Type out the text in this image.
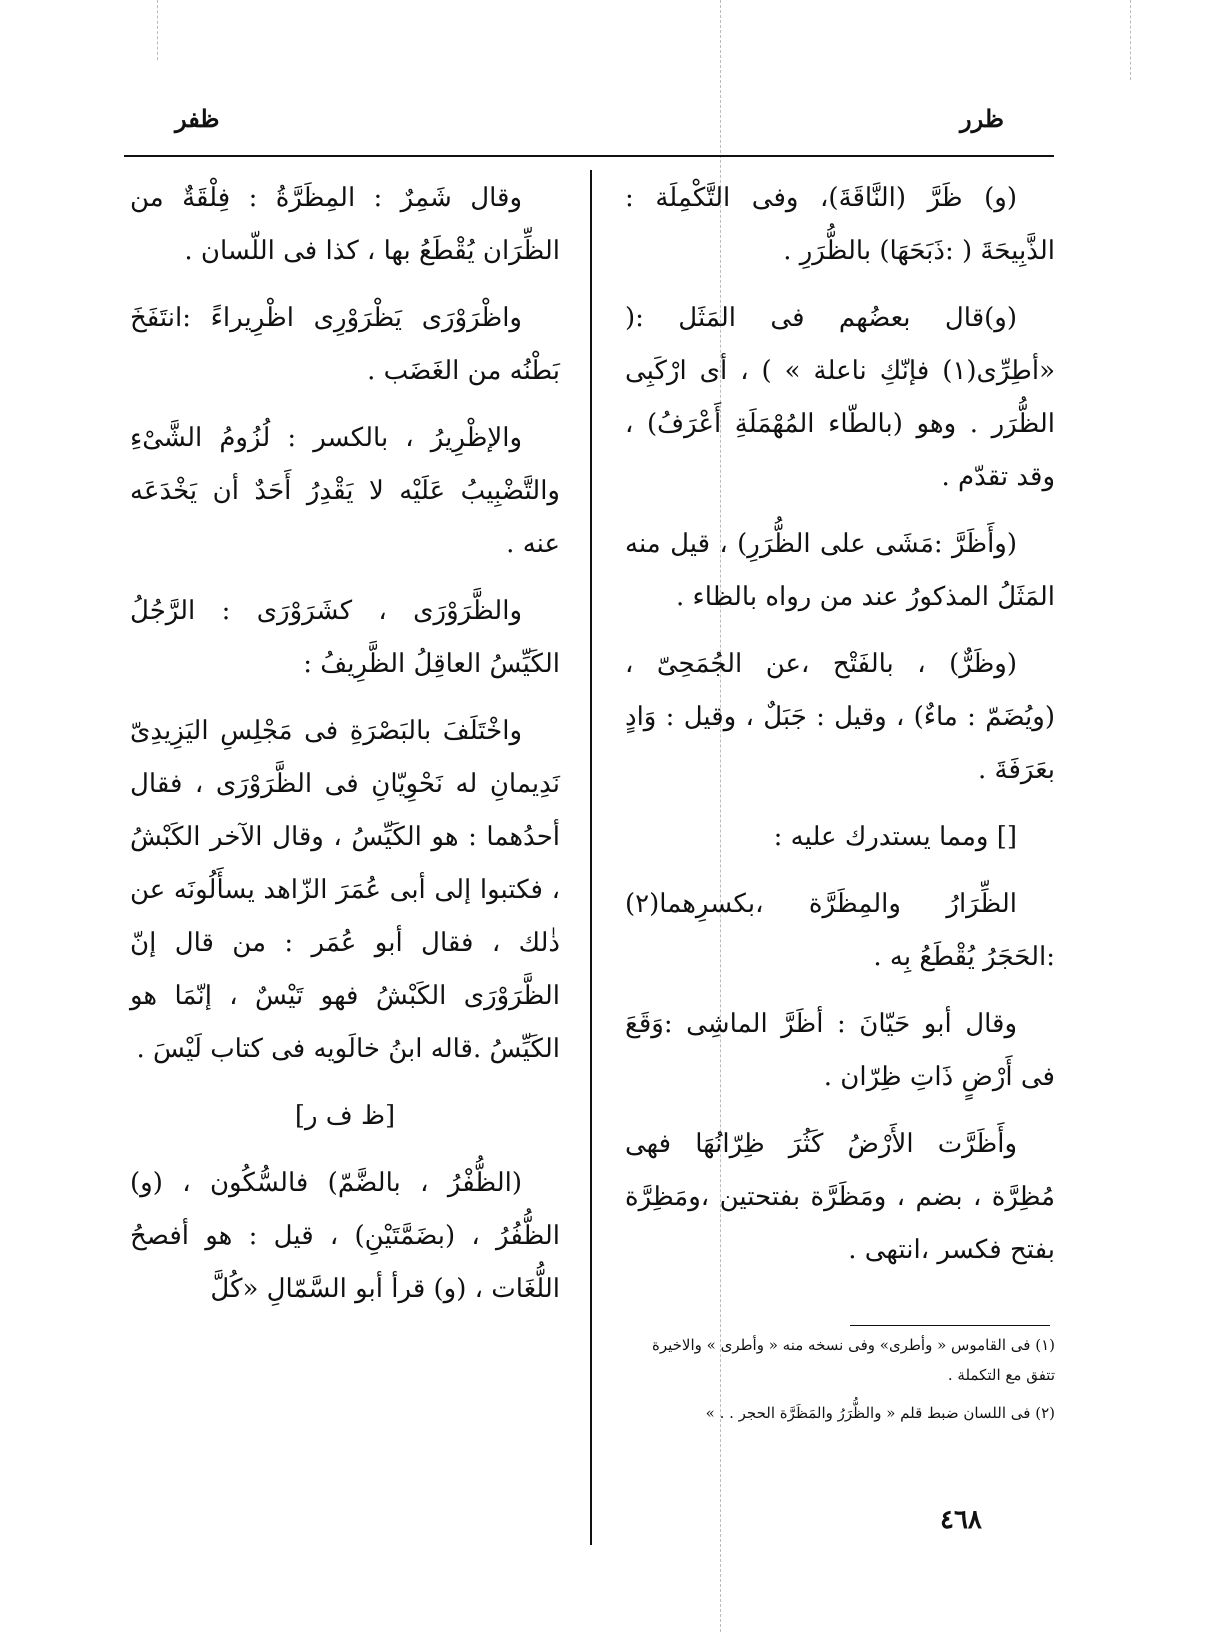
ظرر
ظفر

(و) ظَرَّ (النَّاقَةَ)، وفى التَّكْمِلَة : الذَّبِيحَةَ ( :ذَبَحَهَا) بالظُّرَرِ .

(و)قال بعضُهم فى المَثَل :( «أطِرِّى(١) فإنّكِ ناعلة » ) ، أى ارْكَبِى الظُّرَر . وهو (بالطّاء المُهْمَلَةِ أَعْرَفُ) ، وقد تقدّم .

(وأَظَرَّ :مَشَى على الظُّرَرِ) ، قيل منه المَثَلُ المذكورُ عند من رواه بالظاء .

(وظَرٌّ) ، بالفَتْح ،عن الجُمَحِىّ ، (ويُضَمّ : ماءٌ) ، وقيل : جَبَلٌ ، وقيل : وَادٍ بعَرَفَةَ .

[] ومما يستدرك عليه :

الظِّرَارُ والمِظَرَّة ،بكسرِهما(٢) :الحَجَرُ يُقْطَعُ بِه .

وقال أبو حَيّانَ : أظَرَّ الماشِى :وَقَعَ فى أَرْضٍ ذَاتِ ظِرّان .

وأَظَرَّت الأَرْضُ كَثُرَ ظِرّانُهَا فهى مُظِرَّة ، بضم ، ومَظَرَّة بفتحتين ،ومَظِرَّة بفتح فكسر ،انتهى .

وقال شَمِرٌ : المِظَرَّةُ : فِلْقَةٌ من الظِّرَان يُقْطَعُ بها ، كذا فى اللّسان .

واظْرَوْرَى يَظْرَوْرِى اظْرِيراءً :انتَفَخَ بَطْنُه من الغَضَب .

والإظْرِيرُ ، بالكسر : لُزُومُ الشَّىْءِ والتَّضْبِيبُ عَلَيْه لا يَقْدِرُ أَحَدٌ أن يَخْدَعَه عنه .

والظَّرَوْرَى ، كشَرَوْرَى : الرَّجُلُ الكَيِّسُ العاقِلُ الظَّرِيفُ :

واخْتَلَفَ بالبَصْرَةِ فى مَجْلِسِ اليَزِيدِىّ نَدِيمانِ له نَحْوِيّانِ فى الظَّرَوْرَى ، فقال أحدُهما : هو الكَيِّسُ ، وقال الآخر الكَبْشُ ، فكتبوا إلى أبى عُمَرَ الزّاهد يسأَلُونَه عن ذٰلك ، فقال أبو عُمَر : من قال إنّ الظَّرَوْرَى الكَبْشُ فهو تَيْسٌ ، إنّمَا هو الكَيِّسُ .قاله ابنُ خالَويه فى كتاب لَيْسَ .

[ظ ف ر]

(الظُّفْرُ ، بالضَّمّ) فالسُّكُون ، (و) الظُّفُرُ ، (بضَمَّتَيْنِ) ، قيل : هو أفصحُ اللُّغَات ، (و) قرأ أبو السَّمّالِ «كُلَّ

(١) فى القاموس « وأطرى» وفى نسخه منه « وأطرى » والاخيرة تتفق مع التكملة .

(٢) فى اللسان ضبط قلم « والظُّرَرُ والمَظَرَّة الحجر . . »

٤٦٨
